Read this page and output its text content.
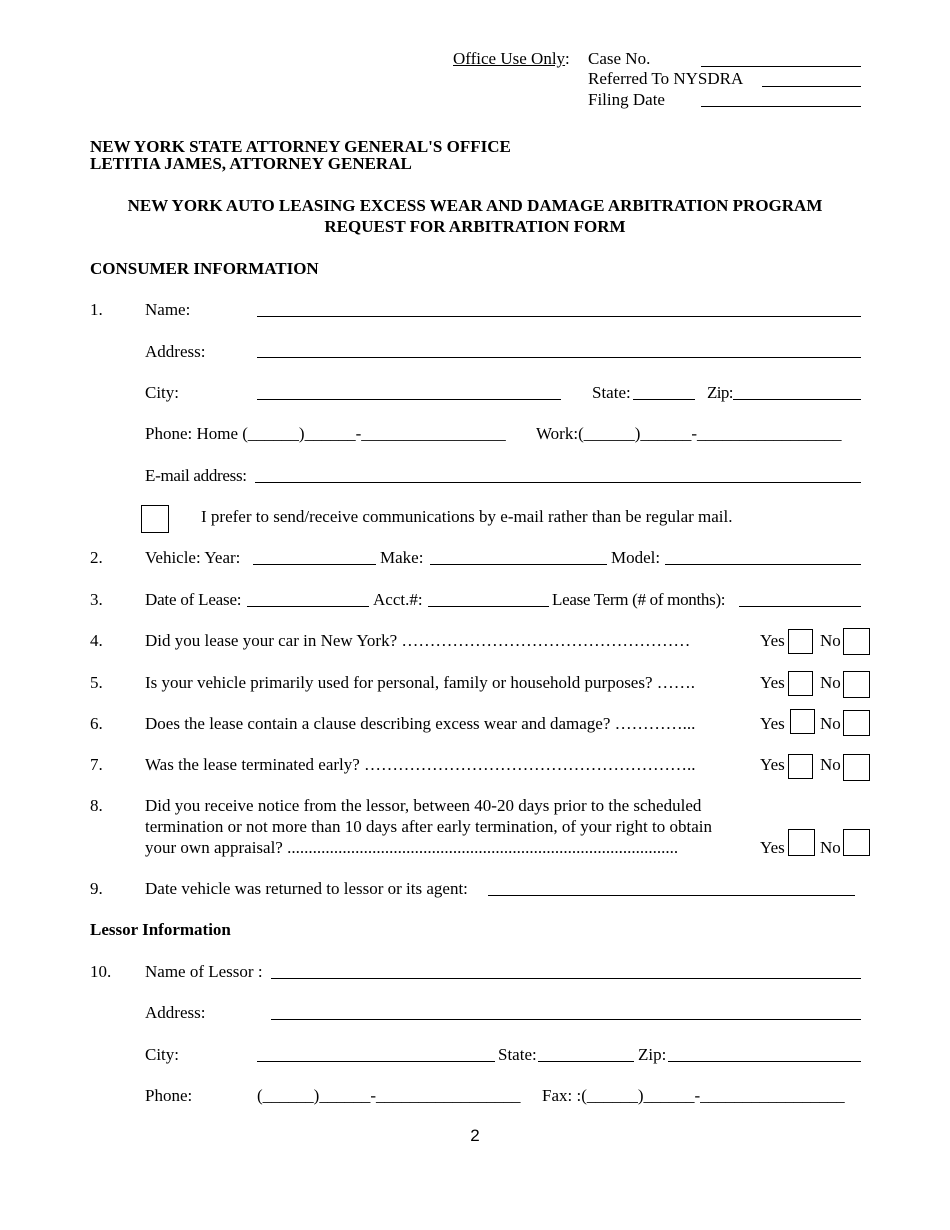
Office Use Only: Case No.
Referred To NYSDRA
Filing Date
NEW YORK STATE ATTORNEY GENERAL'S OFFICE
LETITIA JAMES, ATTORNEY GENERAL
NEW YORK AUTO LEASING EXCESS WEAR AND DAMAGE ARBITRATION PROGRAM
REQUEST FOR ARBITRATION FORM
CONSUMER INFORMATION
1. Name:
Address:
City:	State:	Zip:
Phone: Home (______)______-_________________ Work:(______)______-_________________
E-mail address:
I prefer to send/receive communications by e-mail rather than be regular mail.
2. Vehicle: Year:	Make:	Model:
3. Date of Lease:	Acct.#:	Lease Term (# of months):
4. Did you lease your car in New York? ……………………………………………	Yes No
5. Is your vehicle primarily used for personal, family or household purposes? …….	Yes No
6. Does the lease contain a clause describing excess wear and damage? …………...	Yes No
7. Was the lease terminated early? …………………………………………………..	Yes No
8. Did you receive notice from the lessor, between 40-20 days prior to the scheduled
termination or not more than 10 days after early termination, of your right to obtain
your own appraisal? ............................................................................................	Yes No
9. Date vehicle was returned to lessor or its agent:
Lessor Information
10. Name of Lessor :
Address:
City:	State:	Zip:
Phone:	(______)______-_________________ Fax: :(______)______-_________________
2
